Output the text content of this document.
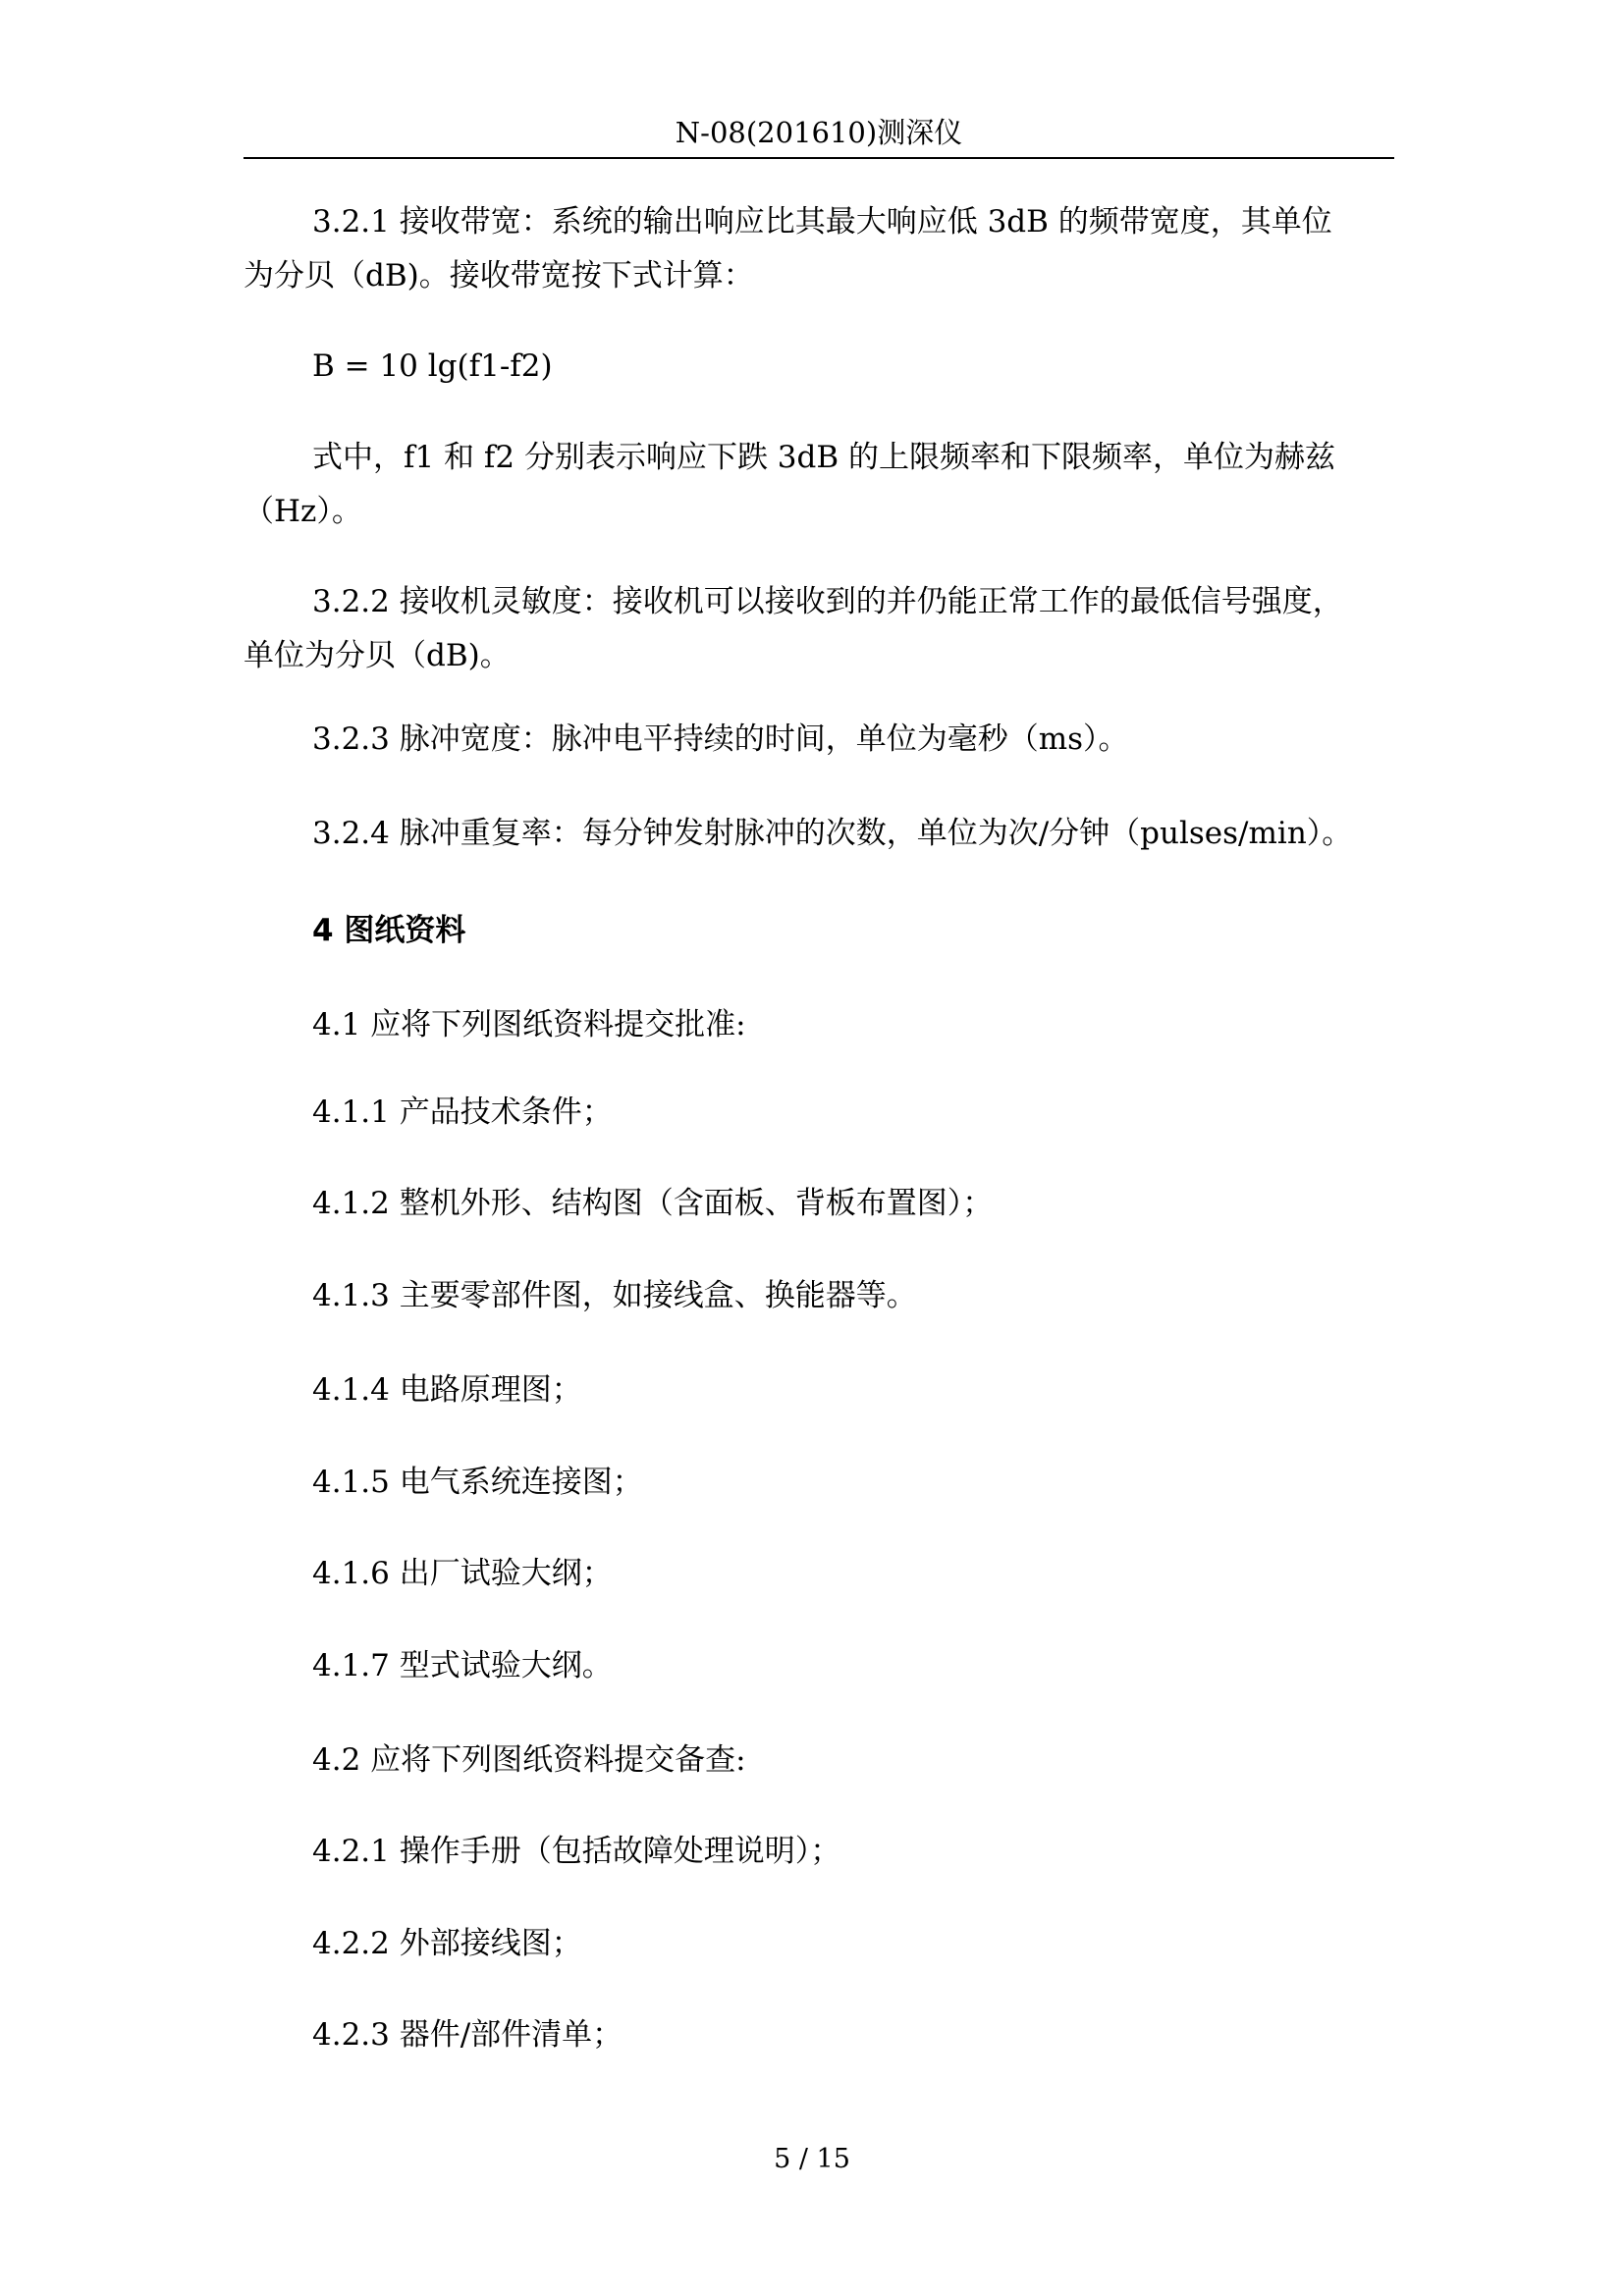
N-08(201610)测深仪
3.2.1 接收带宽：系统的输出响应比其最大响应低 3dB 的频带宽度，其单位
为分贝（dB)。接收带宽按下式计算：
B = 10 lg(f1-f2)
式中，f1 和 f2 分别表示响应下跌 3dB 的上限频率和下限频率，单位为赫兹
（Hz）。
3.2.2 接收机灵敏度：接收机可以接收到的并仍能正常工作的最低信号强度，
单位为分贝（dB)。
3.2.3 脉冲宽度：脉冲电平持续的时间，单位为毫秒（ms）。
3.2.4 脉冲重复率：每分钟发射脉冲的次数，单位为次/分钟（pulses/min）。
4 图纸资料
4.1 应将下列图纸资料提交批准:
4.1.1 产品技术条件；
4.1.2 整机外形、结构图（含面板、背板布置图）；
4.1.3 主要零部件图，如接线盒、换能器等。
4.1.4 电路原理图；
4.1.5 电气系统连接图；
4.1.6 出厂试验大纲；
4.1.7 型式试验大纲。
4.2 应将下列图纸资料提交备查:
4.2.1 操作手册（包括故障处理说明）；
4.2.2 外部接线图；
4.2.3 器件/部件清单；
5 / 15
